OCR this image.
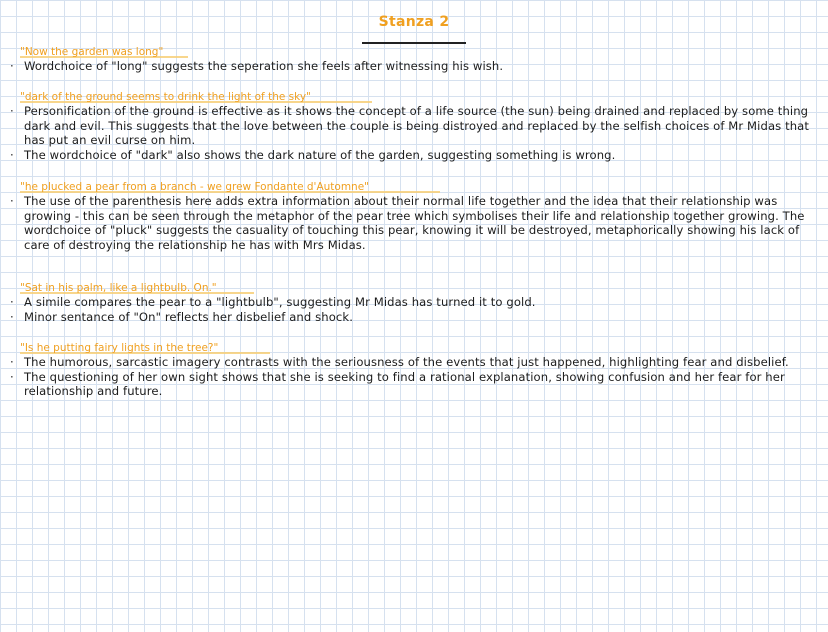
Stanza 2
"Now the garden was long"
· Wordchoice of "long" suggests the seperation she feels after witnessing his wish.
"dark of the ground seems to drink the light of the sky"
· Personification of the ground is effective as it shows the concept of a life source (the sun) being drained and replaced by some thing dark and evil. This suggests that the love between the couple is being distroyed and replaced by the selfish choices of Mr Midas that has put an evil curse on him.
· The wordchoice of "dark" also shows the dark nature of the garden, suggesting something is wrong.
"he plucked a pear from a branch - we grew Fondante d'Automne"
· The use of the parenthesis here adds extra information about their normal life together and the idea that their relationship was growing - this can be seen through the metaphor of the pear tree which symbolises their life and relationship together growing. The wordchoice of "pluck" suggests the casuality of touching this pear, knowing it will be destroyed, metaphorically showing his lack of care of destroying the relationship he has with Mrs Midas.
"Sat in his palm, like a lightbulb. On."
· A simile compares the pear to a "lightbulb", suggesting Mr Midas has turned it to gold.
· Minor sentance of "On" reflects her disbelief and shock.
"Is he putting fairy lights in the tree?"
· The humorous, sarcastic imagery contrasts with the seriousness of the events that just happened, highlighting fear and disbelief.
· The questioning of her own sight shows that she is seeking to find a rational explanation, showing confusion and her fear for her relationship and future.
